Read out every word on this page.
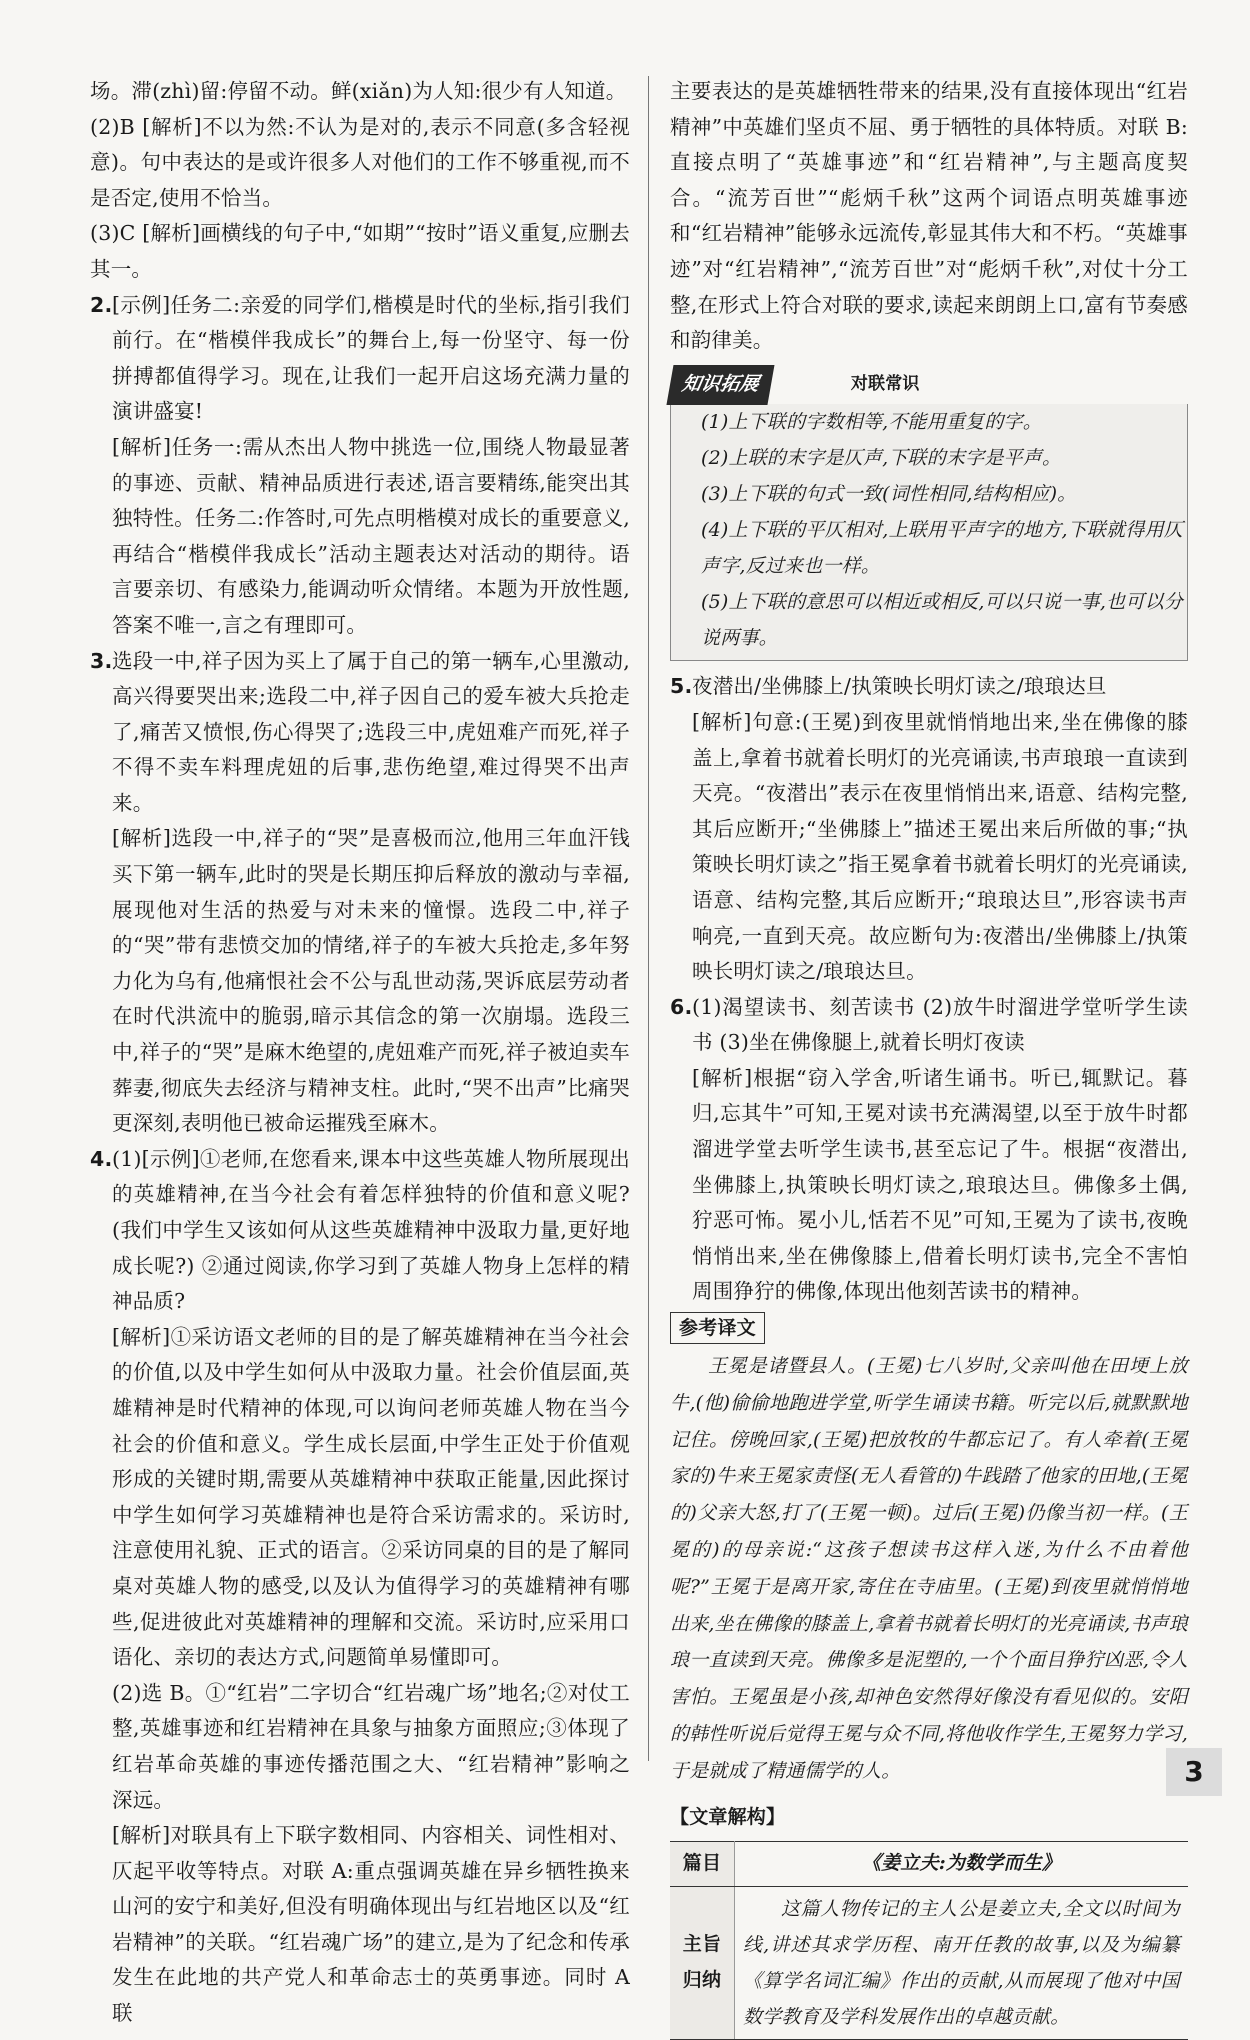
场。滞(zhì)留:停留不动。鲜(xiǎn)为人知:很少有人知道。

(2)B [解析]不以为然:不认为是对的,表示不同意(多含轻视意)。句中表达的是或许很多人对他们的工作不够重视,而不是否定,使用不恰当。

(3)C [解析]画横线的句子中,“如期”“按时”语义重复,应删去其一。

2. [示例]任务二:亲爱的同学们,楷模是时代的坐标,指引我们前行。在“楷模伴我成长”的舞台上,每一份坚守、每一份拼搏都值得学习。现在,让我们一起开启这场充满力量的演讲盛宴!

[解析]任务一:需从杰出人物中挑选一位,围绕人物最显著的事迹、贡献、精神品质进行表述,语言要精练,能突出其独特性。任务二:作答时,可先点明楷模对成长的重要意义,再结合“楷模伴我成长”活动主题表达对活动的期待。语言要亲切、有感染力,能调动听众情绪。本题为开放性题,答案不唯一,言之有理即可。

3. 选段一中,祥子因为买上了属于自己的第一辆车,心里激动,高兴得要哭出来;选段二中,祥子因自己的爱车被大兵抢走了,痛苦又愤恨,伤心得哭了;选段三中,虎妞难产而死,祥子不得不卖车料理虎妞的后事,悲伤绝望,难过得哭不出声来。

[解析]选段一中,祥子的“哭”是喜极而泣,他用三年血汗钱买下第一辆车,此时的哭是长期压抑后释放的激动与幸福,展现他对生活的热爱与对未来的憧憬。选段二中,祥子的“哭”带有悲愤交加的情绪,祥子的车被大兵抢走,多年努力化为乌有,他痛恨社会不公与乱世动荡,哭诉底层劳动者在时代洪流中的脆弱,暗示其信念的第一次崩塌。选段三中,祥子的“哭”是麻木绝望的,虎妞难产而死,祥子被迫卖车葬妻,彻底失去经济与精神支柱。此时,“哭不出声”比痛哭更深刻,表明他已被命运摧残至麻木。

4. (1)[示例]①老师,在您看来,课本中这些英雄人物所展现出的英雄精神,在当今社会有着怎样独特的价值和意义呢?(我们中学生又该如何从这些英雄精神中汲取力量,更好地成长呢?) ②通过阅读,你学习到了英雄人物身上怎样的精神品质?

[解析]①采访语文老师的目的是了解英雄精神在当今社会的价值,以及中学生如何从中汲取力量。社会价值层面,英雄精神是时代精神的体现,可以询问老师英雄人物在当今社会的价值和意义。学生成长层面,中学生正处于价值观形成的关键时期,需要从英雄精神中获取正能量,因此探讨中学生如何学习英雄精神也是符合采访需求的。采访时,注意使用礼貌、正式的语言。②采访同桌的目的是了解同桌对英雄人物的感受,以及认为值得学习的英雄精神有哪些,促进彼此对英雄精神的理解和交流。采访时,应采用口语化、亲切的表达方式,问题简单易懂即可。

(2)选 B。①“红岩”二字切合“红岩魂广场”地名;②对仗工整,英雄事迹和红岩精神在具象与抽象方面照应;③体现了红岩革命英雄的事迹传播范围之大、“红岩精神”影响之深远。

[解析]对联具有上下联字数相同、内容相关、词性相对、仄起平收等特点。对联 A:重点强调英雄在异乡牺牲换来山河的安宁和美好,但没有明确体现出与红岩地区以及“红岩精神”的关联。“红岩魂广场”的建立,是为了纪念和传承发生在此地的共产党人和革命志士的英勇事迹。同时 A 联

主要表达的是英雄牺牲带来的结果,没有直接体现出“红岩精神”中英雄们坚贞不屈、勇于牺牲的具体特质。对联 B:直接点明了“英雄事迹”和“红岩精神”,与主题高度契合。“流芳百世”“彪炳千秋”这两个词语点明英雄事迹和“红岩精神”能够永远流传,彰显其伟大和不朽。“英雄事迹”对“红岩精神”,“流芳百世”对“彪炳千秋”,对仗十分工整,在形式上符合对联的要求,读起来朗朗上口,富有节奏感和韵律美。

知识拓展	对联常识

(1)上下联的字数相等,不能用重复的字。

(2)上联的末字是仄声,下联的末字是平声。

(3)上下联的句式一致(词性相同,结构相应)。

(4)上下联的平仄相对,上联用平声字的地方,下联就得用仄声字,反过来也一样。

(5)上下联的意思可以相近或相反,可以只说一事,也可以分说两事。

5. 夜潜出/坐佛膝上/执策映长明灯读之/琅琅达旦

[解析]句意:(王冕)到夜里就悄悄地出来,坐在佛像的膝盖上,拿着书就着长明灯的光亮诵读,书声琅琅一直读到天亮。“夜潜出”表示在夜里悄悄出来,语意、结构完整,其后应断开;“坐佛膝上”描述王冕出来后所做的事;“执策映长明灯读之”指王冕拿着书就着长明灯的光亮诵读,语意、结构完整,其后应断开;“琅琅达旦”,形容读书声响亮,一直到天亮。故应断句为:夜潜出/坐佛膝上/执策映长明灯读之/琅琅达旦。

6. (1)渴望读书、刻苦读书 (2)放牛时溜进学堂听学生读书 (3)坐在佛像腿上,就着长明灯夜读

[解析]根据“窃入学舍,听诸生诵书。听已,辄默记。暮归,忘其牛”可知,王冕对读书充满渴望,以至于放牛时都溜进学堂去听学生读书,甚至忘记了牛。根据“夜潜出,坐佛膝上,执策映长明灯读之,琅琅达旦。佛像多土偶,狞恶可怖。冕小儿,恬若不见”可知,王冕为了读书,夜晚悄悄出来,坐在佛像膝上,借着长明灯读书,完全不害怕周围狰狞的佛像,体现出他刻苦读书的精神。

参考译文

王冕是诸暨县人。(王冕)七八岁时,父亲叫他在田埂上放牛,(他)偷偷地跑进学堂,听学生诵读书籍。听完以后,就默默地记住。傍晚回家,(王冕)把放牧的牛都忘记了。有人牵着(王冕家的)牛来王冕家责怪(无人看管的)牛践踏了他家的田地,(王冕的)父亲大怒,打了(王冕一顿)。过后(王冕)仍像当初一样。(王冕的)的母亲说:“这孩子想读书这样入迷,为什么不由着他呢?”王冕于是离开家,寄住在寺庙里。(王冕)到夜里就悄悄地出来,坐在佛像的膝盖上,拿着书就着长明灯的光亮诵读,书声琅琅一直读到天亮。佛像多是泥塑的,一个个面目狰狞凶恶,令人害怕。王冕虽是小孩,却神色安然得好像没有看见似的。安阳的韩性听说后觉得王冕与众不同,将他收作学生,王冕努力学习,于是就成了精通儒学的人。

【文章解构】
篇目	《姜立夫:为数学而生》
主旨归纳	这篇人物传记的主人公是姜立夫,全文以时间为线,讲述其求学历程、南开任教的故事,以及为编纂《算学名词汇编》作出的贡献,从而展现了他对中国数学教育及学科发展作出的卓越贡献。
3
